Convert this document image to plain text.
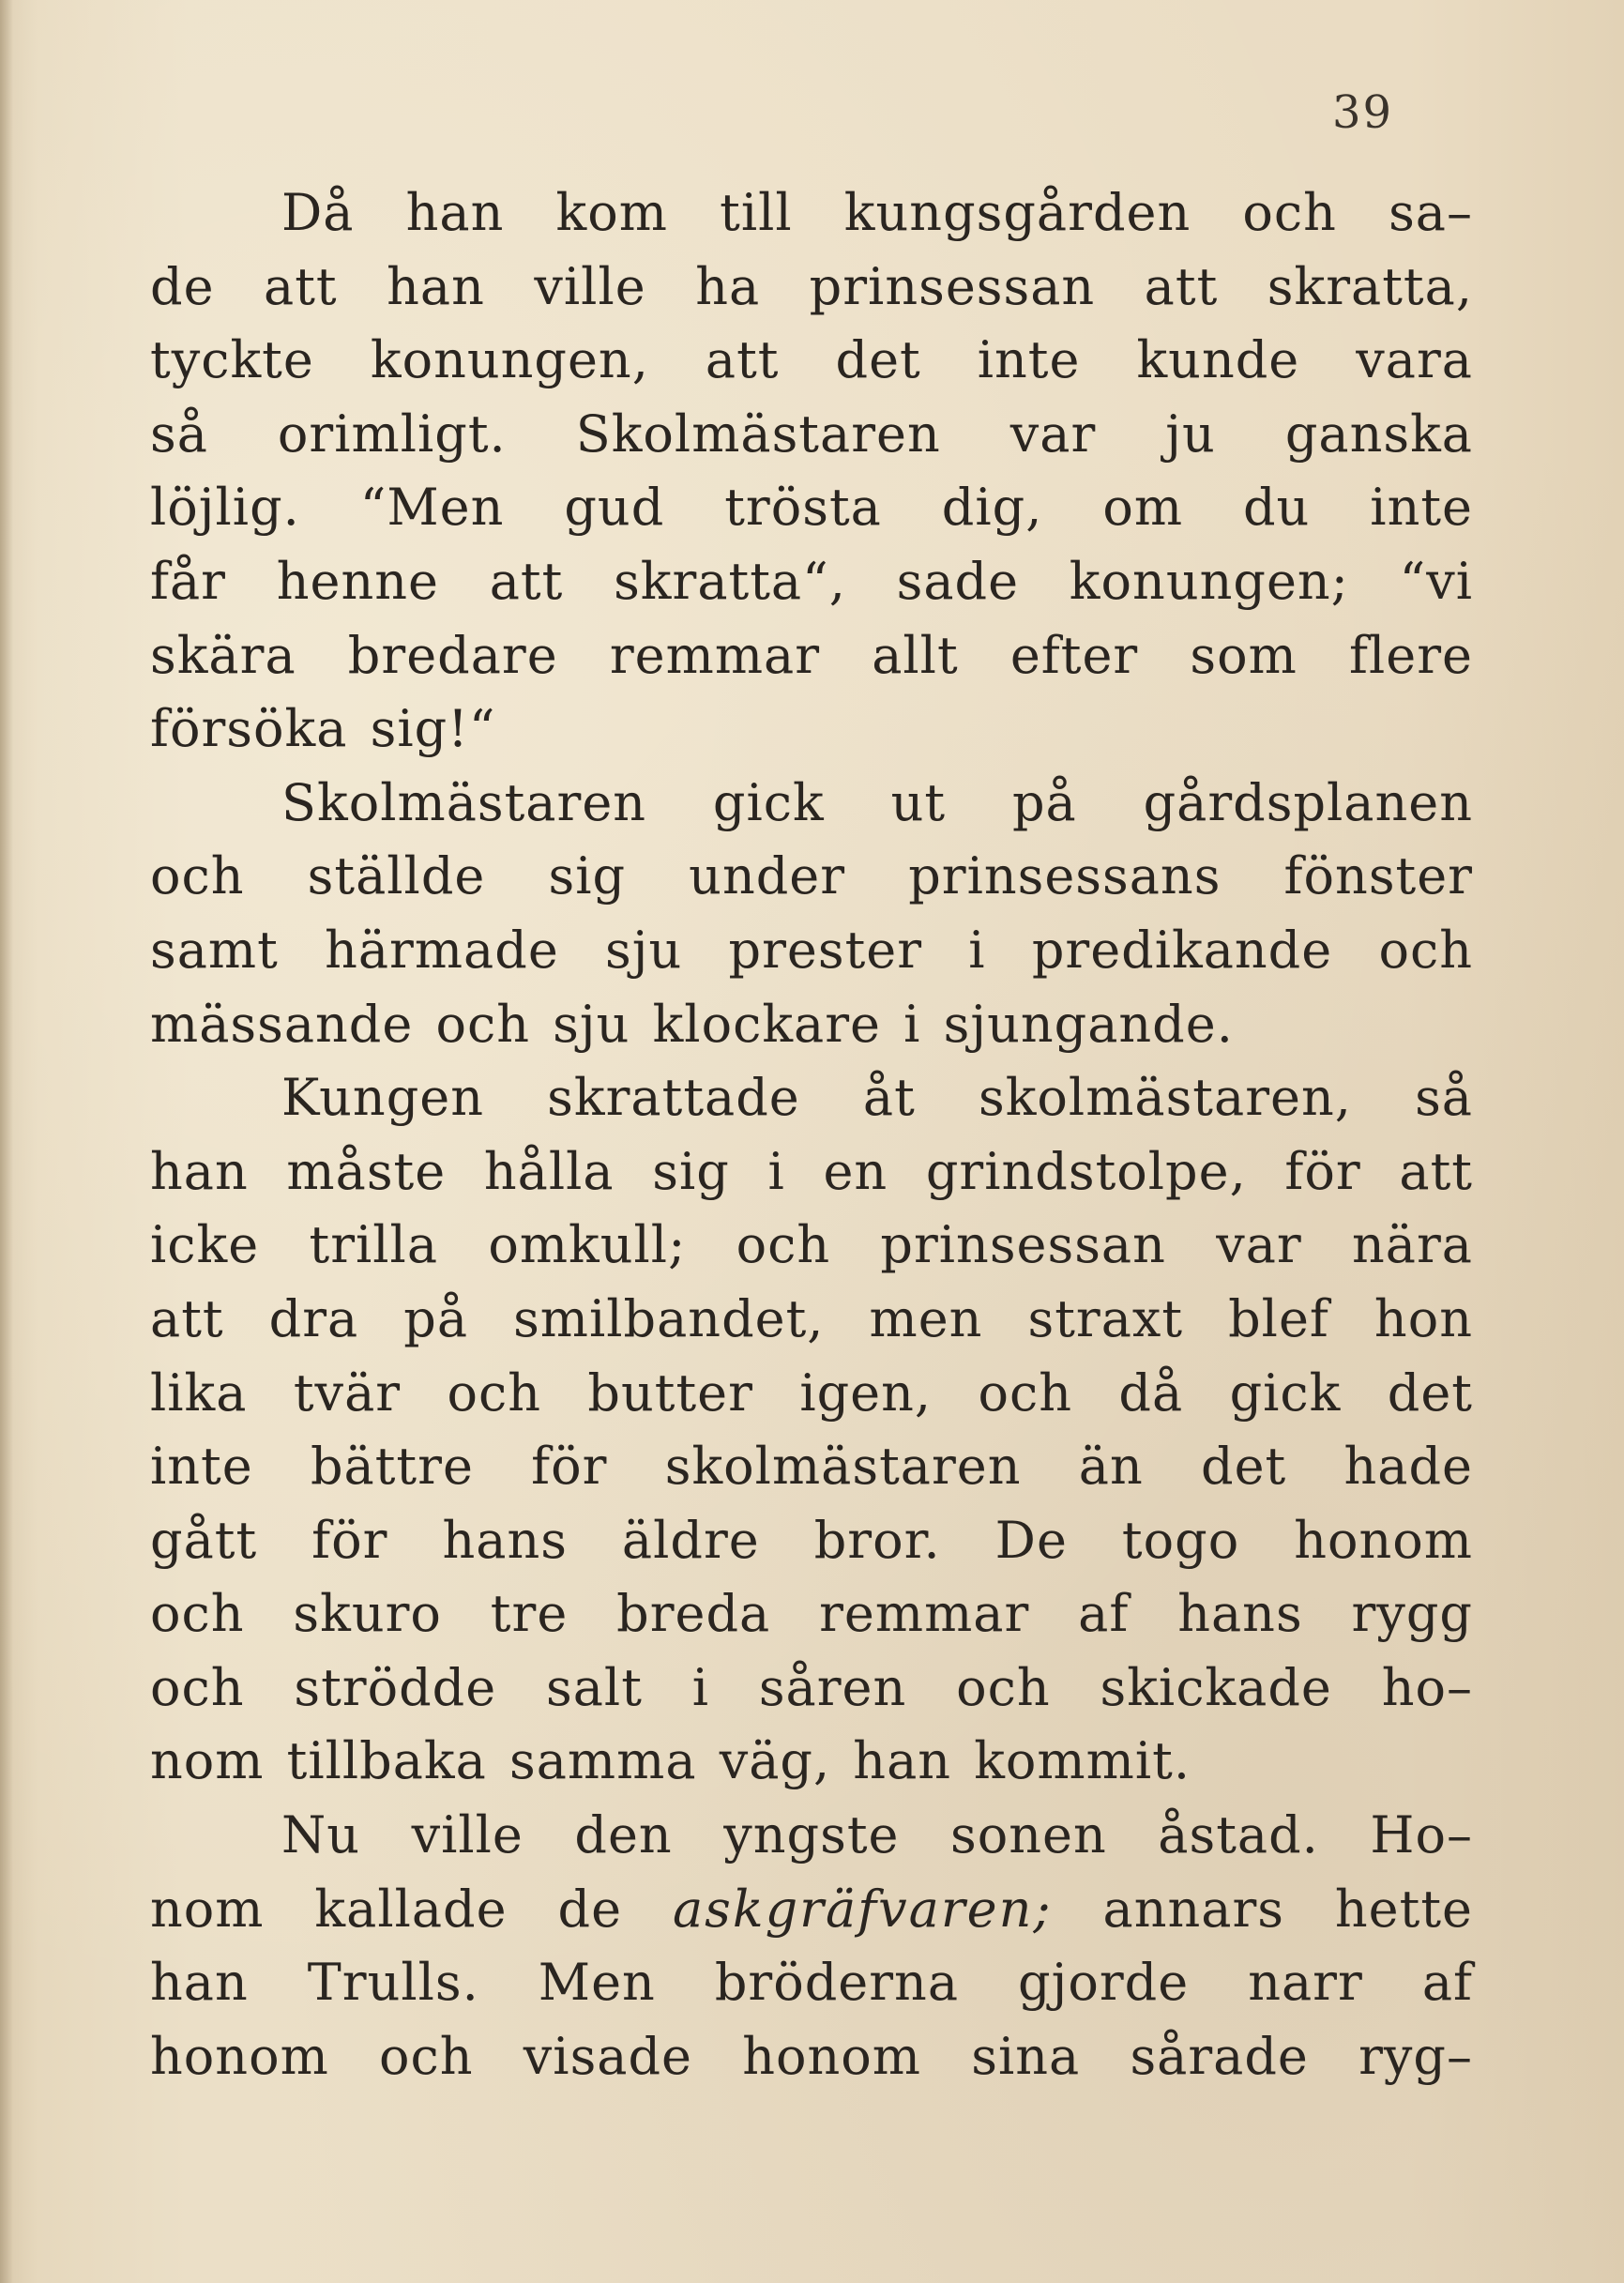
39
Då han kom till kungsgården och sa–
de att han ville ha prinsessan att skratta,
tyckte konungen, att det inte kunde vara
så orimligt. Skolmästaren var ju ganska
löjlig. “Men gud trösta dig, om du inte
får henne att skratta“, sade konungen; “vi
skära bredare remmar allt efter som flere
försöka sig!“
Skolmästaren gick ut på gårdsplanen
och ställde sig under prinsessans fönster
samt härmade sju prester i predikande och
mässande och sju klockare i sjungande.
Kungen skrattade åt skolmästaren, så
han måste hålla sig i en grindstolpe, för att
icke trilla omkull; och prinsessan var nära
att dra på smilbandet, men straxt blef hon
lika tvär och butter igen, och då gick det
inte bättre för skolmästaren än det hade
gått för hans äldre bror. De togo honom
och skuro tre breda remmar af hans rygg
och strödde salt i såren och skickade ho–
nom tillbaka samma väg, han kommit.
Nu ville den yngste sonen åstad. Ho–
nom kallade de askgräfvaren; annars hette
han Trulls. Men bröderna gjorde narr af
honom och visade honom sina sårade ryg–
